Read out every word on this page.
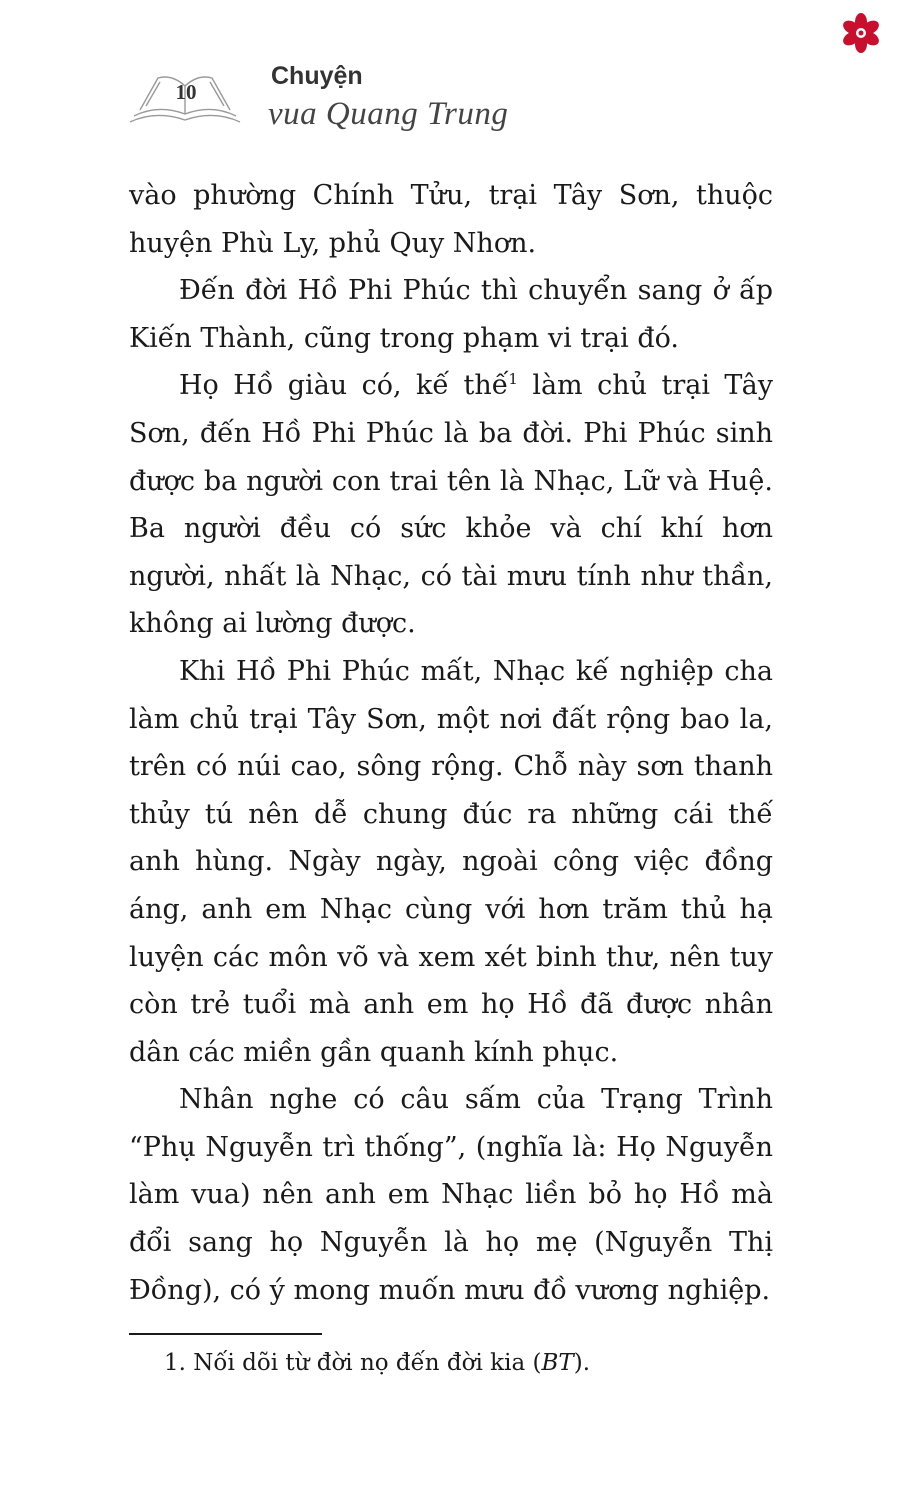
10
Chuyện
vua Quang Trung

vào phường Chính Tửu, trại Tây Sơn, thuộc huyện Phù Ly, phủ Quy Nhơn.

Đến đời Hồ Phi Phúc thì chuyển sang ở ấp Kiến Thành, cũng trong phạm vi trại đó.

Họ Hồ giàu có, kế thế$^1$ làm chủ trại Tây Sơn, đến Hồ Phi Phúc là ba đời. Phi Phúc sinh được ba người con trai tên là Nhạc, Lữ và Huệ. Ba người đều có sức khỏe và chí khí hơn người, nhất là Nhạc, có tài mưu tính như thần, không ai lường được.

Khi Hồ Phi Phúc mất, Nhạc kế nghiệp cha làm chủ trại Tây Sơn, một nơi đất rộng bao la, trên có núi cao, sông rộng. Chỗ này sơn thanh thủy tú nên dễ chung đúc ra những cái thế anh hùng. Ngày ngày, ngoài công việc đồng áng, anh em Nhạc cùng với hơn trăm thủ hạ luyện các môn võ và xem xét binh thư, nên tuy còn trẻ tuổi mà anh em họ Hồ đã được nhân dân các miền gần quanh kính phục.

Nhân nghe có câu sấm của Trạng Trình “Phụ Nguyễn trì thống”, (nghĩa là: Họ Nguyễn làm vua) nên anh em Nhạc liền bỏ họ Hồ mà đổi sang họ Nguyễn là họ mẹ (Nguyễn Thị Đồng), có ý mong muốn mưu đồ vương nghiệp.

1. Nối dõi từ đời nọ đến đời kia (BT).
